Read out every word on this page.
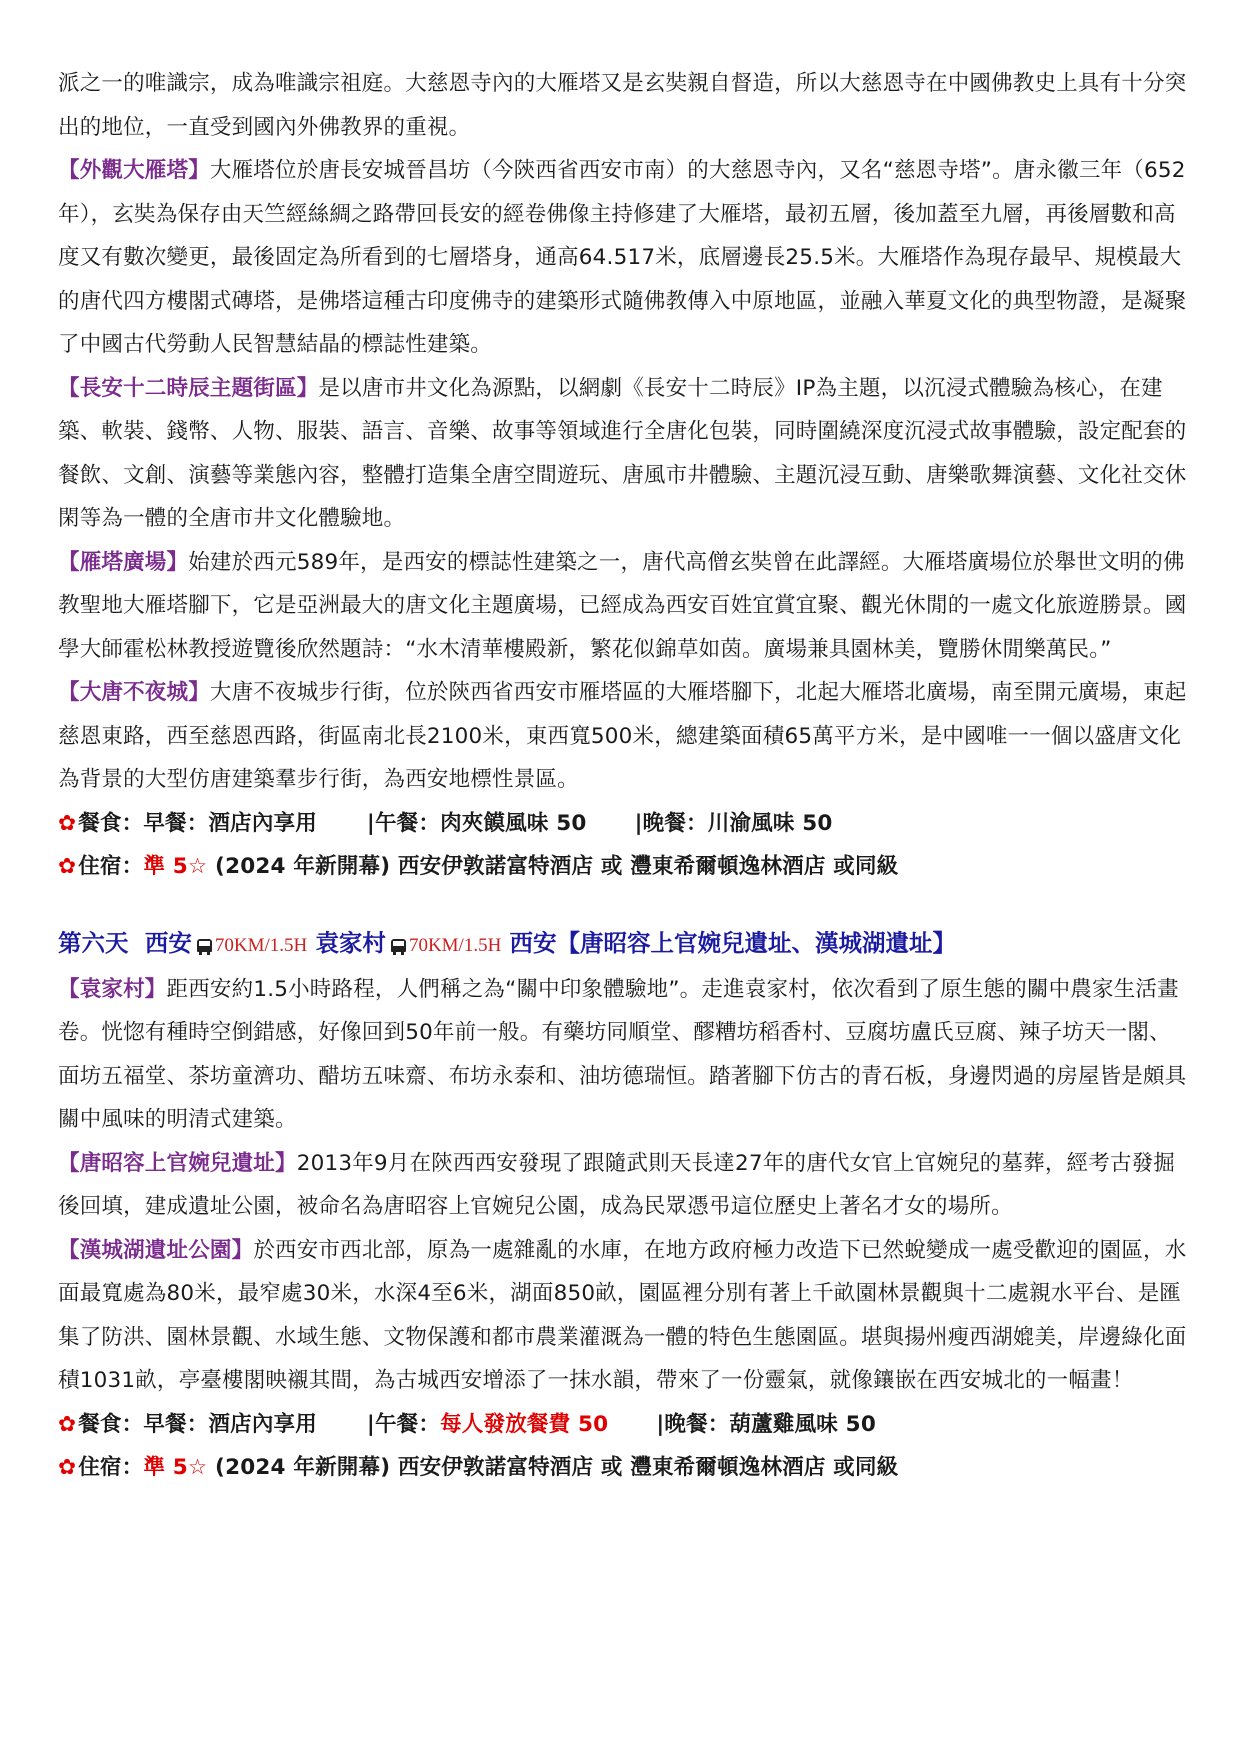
派之一的唯識宗，成為唯識宗祖庭。大慈恩寺內的大雁塔又是玄奘親自督造，所以大慈恩寺在中國佛教史上具有十分突出的地位，一直受到國內外佛教界的重視。

【外觀大雁塔】大雁塔位於唐長安城晉昌坊（今陝西省西安市南）的大慈恩寺內，又名“慈恩寺塔”。唐永徽三年（652年），玄奘為保存由天竺經絲綢之路帶回長安的經卷佛像主持修建了大雁塔，最初五層，後加蓋至九層，再後層數和高度又有數次變更，最後固定為所看到的七層塔身，通高64.517米，底層邊長25.5米。大雁塔作為現存最早、規模最大的唐代四方樓閣式磚塔，是佛塔這種古印度佛寺的建築形式隨佛教傳入中原地區，並融入華夏文化的典型物證，是凝聚了中國古代勞動人民智慧結晶的標誌性建築。

【長安十二時辰主題街區】是以唐市井文化為源點，以網劇《長安十二時辰》IP為主題，以沉浸式體驗為核心，在建築、軟裝、錢幣、人物、服裝、語言、音樂、故事等領域進行全唐化包裝，同時圍繞深度沉浸式故事體驗，設定配套的餐飲、文創、演藝等業態內容，整體打造集全唐空間遊玩、唐風市井體驗、主題沉浸互動、唐樂歌舞演藝、文化社交休閑等為一體的全唐市井文化體驗地。

【雁塔廣場】始建於西元589年，是西安的標誌性建築之一，唐代高僧玄奘曾在此譯經。大雁塔廣場位於舉世文明的佛教聖地大雁塔腳下，它是亞洲最大的唐文化主題廣場，已經成為西安百姓宜賞宜聚、觀光休閒的一處文化旅遊勝景。國學大師霍松林教授遊覽後欣然題詩：“水木清華樓殿新，繁花似錦草如茵。廣場兼具園林美，覽勝休閒樂萬民。”

【大唐不夜城】大唐不夜城步行街，位於陝西省西安市雁塔區的大雁塔腳下，北起大雁塔北廣場，南至開元廣場，東起慈恩東路，西至慈恩西路，街區南北長2100米，東西寬500米，總建築面積65萬平方米，是中國唯一一個以盛唐文化為背景的大型仿唐建築羣步行街，為西安地標性景區。

✿餐食：早餐：酒店內享用 |午餐：肉夾饃風味 50 |晚餐：川渝風味 50

✿住宿：準 5☆ (2024 年新開幕) 西安伊敦諾富特酒店 或 灃東希爾頓逸林酒店 或同級

第六天 西安 70KM/1.5H 袁家村 70KM/1.5H 西安【唐昭容上官婉兒遺址、漢城湖遺址】

【袁家村】距西安約1.5小時路程，人們稱之為“關中印象體驗地”。走進袁家村，依次看到了原生態的關中農家生活畫卷。恍惚有種時空倒錯感，好像回到50年前一般。有藥坊同順堂、醪糟坊稻香村、豆腐坊盧氏豆腐、辣子坊天一閣、面坊五福堂、茶坊童濟功、醋坊五味齋、布坊永泰和、油坊德瑞恒。踏著腳下仿古的青石板，身邊閃過的房屋皆是頗具關中風味的明清式建築。

【唐昭容上官婉兒遺址】2013年9月在陝西西安發現了跟隨武則天長達27年的唐代女官上官婉兒的墓葬，經考古發掘後回填，建成遺址公園，被命名為唐昭容上官婉兒公園，成為民眾憑弔這位歷史上著名才女的場所。

【漢城湖遺址公園】於西安市西北部，原為一處雜亂的水庫，在地方政府極力改造下已然蛻變成一處受歡迎的園區，水面最寬處為80米，最窄處30米，水深4至6米，湖面850畝，園區裡分別有著上千畝園林景觀與十二處親水平台、是匯集了防洪、園林景觀、水域生態、文物保護和都市農業灌溉為一體的特色生態園區。堪與揚州瘦西湖媲美，岸邊綠化面積1031畝，亭臺樓閣映襯其間，為古城西安增添了一抹水韻，帶來了一份靈氣，就像鑲嵌在西安城北的一幅畫！

✿餐食：早餐：酒店內享用 |午餐：每人發放餐費 50 |晚餐：葫蘆雞風味 50

✿住宿：準 5☆ (2024 年新開幕) 西安伊敦諾富特酒店 或 灃東希爾頓逸林酒店 或同級
